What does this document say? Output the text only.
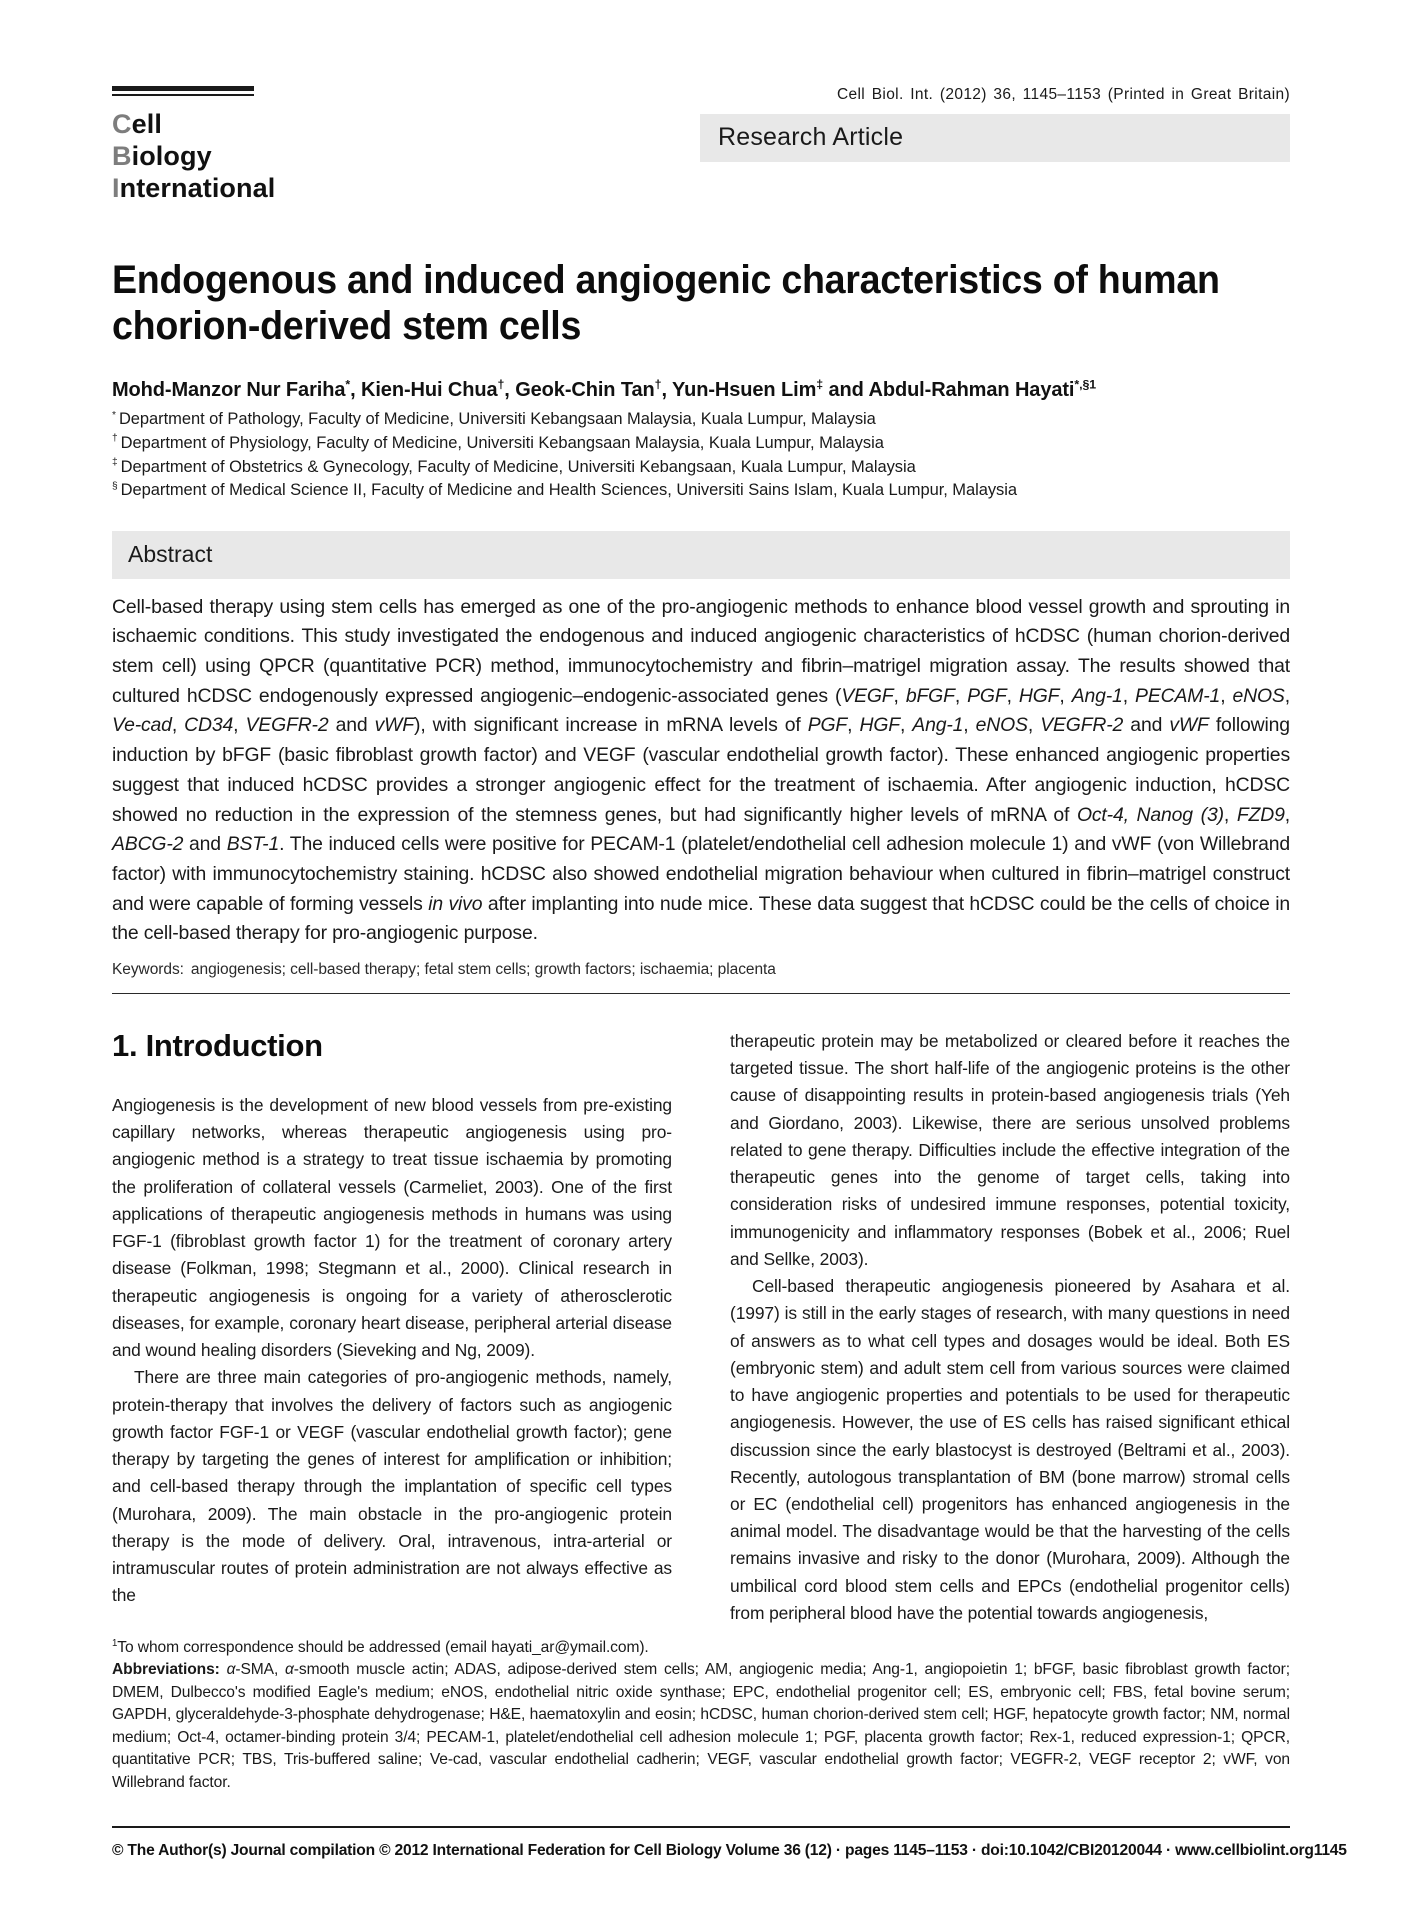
Cell
Biology
International
Cell Biol. Int. (2012) 36, 1145–1153 (Printed in Great Britain)
Research Article
Endogenous and induced angiogenic characteristics of human chorion-derived stem cells
Mohd-Manzor Nur Fariha*, Kien-Hui Chua†, Geok-Chin Tan†, Yun-Hsuen Lim‡ and Abdul-Rahman Hayati$^{*,\S 1}$
* Department of Pathology, Faculty of Medicine, Universiti Kebangsaan Malaysia, Kuala Lumpur, Malaysia
† Department of Physiology, Faculty of Medicine, Universiti Kebangsaan Malaysia, Kuala Lumpur, Malaysia
‡ Department of Obstetrics & Gynecology, Faculty of Medicine, Universiti Kebangsaan, Kuala Lumpur, Malaysia
§ Department of Medical Science II, Faculty of Medicine and Health Sciences, Universiti Sains Islam, Kuala Lumpur, Malaysia
Abstract
Cell-based therapy using stem cells has emerged as one of the pro-angiogenic methods to enhance blood vessel growth and sprouting in ischaemic conditions. This study investigated the endogenous and induced angiogenic characteristics of hCDSC (human chorion-derived stem cell) using QPCR (quantitative PCR) method, immunocytochemistry and fibrin–matrigel migration assay. The results showed that cultured hCDSC endogenously expressed angiogenic–endogenic-associated genes (VEGF, bFGF, PGF, HGF, Ang-1, PECAM-1, eNOS, Ve-cad, CD34, VEGFR-2 and vWF), with significant increase in mRNA levels of PGF, HGF, Ang-1, eNOS, VEGFR-2 and vWF following induction by bFGF (basic fibroblast growth factor) and VEGF (vascular endothelial growth factor). These enhanced angiogenic properties suggest that induced hCDSC provides a stronger angiogenic effect for the treatment of ischaemia. After angiogenic induction, hCDSC showed no reduction in the expression of the stemness genes, but had significantly higher levels of mRNA of Oct-4, Nanog (3), FZD9, ABCG-2 and BST-1. The induced cells were positive for PECAM-1 (platelet/endothelial cell adhesion molecule 1) and vWF (von Willebrand factor) with immunocytochemistry staining. hCDSC also showed endothelial migration behaviour when cultured in fibrin–matrigel construct and were capable of forming vessels in vivo after implanting into nude mice. These data suggest that hCDSC could be the cells of choice in the cell-based therapy for pro-angiogenic purpose.
Keywords: angiogenesis; cell-based therapy; fetal stem cells; growth factors; ischaemia; placenta
1. Introduction

Angiogenesis is the development of new blood vessels from pre-existing capillary networks, whereas therapeutic angiogenesis using pro-angiogenic method is a strategy to treat tissue ischaemia by promoting the proliferation of collateral vessels (Carmeliet, 2003). One of the first applications of therapeutic angiogenesis methods in humans was using FGF-1 (fibroblast growth factor 1) for the treatment of coronary artery disease (Folkman, 1998; Stegmann et al., 2000). Clinical research in therapeutic angiogenesis is ongoing for a variety of atherosclerotic diseases, for example, coronary heart disease, peripheral arterial disease and wound healing disorders (Sieveking and Ng, 2009).

There are three main categories of pro-angiogenic methods, namely, protein-therapy that involves the delivery of factors such as angiogenic growth factor FGF-1 or VEGF (vascular endothelial growth factor); gene therapy by targeting the genes of interest for amplification or inhibition; and cell-based therapy through the implantation of specific cell types (Murohara, 2009). The main obstacle in the pro-angiogenic protein therapy is the mode of delivery. Oral, intravenous, intra-arterial or intramuscular routes of protein administration are not always effective as the

therapeutic protein may be metabolized or cleared before it reaches the targeted tissue. The short half-life of the angiogenic proteins is the other cause of disappointing results in protein-based angiogenesis trials (Yeh and Giordano, 2003). Likewise, there are serious unsolved problems related to gene therapy. Difficulties include the effective integration of the therapeutic genes into the genome of target cells, taking into consideration risks of undesired immune responses, potential toxicity, immunogenicity and inflammatory responses (Bobek et al., 2006; Ruel and Sellke, 2003).

Cell-based therapeutic angiogenesis pioneered by Asahara et al. (1997) is still in the early stages of research, with many questions in need of answers as to what cell types and dosages would be ideal. Both ES (embryonic stem) and adult stem cell from various sources were claimed to have angiogenic properties and potentials to be used for therapeutic angiogenesis. However, the use of ES cells has raised significant ethical discussion since the early blastocyst is destroyed (Beltrami et al., 2003). Recently, autologous transplantation of BM (bone marrow) stromal cells or EC (endothelial cell) progenitors has enhanced angiogenesis in the animal model. The disadvantage would be that the harvesting of the cells remains invasive and risky to the donor (Murohara, 2009). Although the umbilical cord blood stem cells and EPCs (endothelial progenitor cells) from peripheral blood have the potential towards angiogenesis,

$^1$To whom correspondence should be addressed (email hayati_ar@ymail.com).
Abbreviations: α-SMA, α-smooth muscle actin; ADAS, adipose-derived stem cells; AM, angiogenic media; Ang-1, angiopoietin 1; bFGF, basic fibroblast growth factor; DMEM, Dulbecco's modified Eagle's medium; eNOS, endothelial nitric oxide synthase; EPC, endothelial progenitor cell; ES, embryonic cell; FBS, fetal bovine serum; GAPDH, glyceraldehyde-3-phosphate dehydrogenase; H&E, haematoxylin and eosin; hCDSC, human chorion-derived stem cell; HGF, hepatocyte growth factor; NM, normal medium; Oct-4, octamer-binding protein 3/4; PECAM-1, platelet/endothelial cell adhesion molecule 1; PGF, placenta growth factor; Rex-1, reduced expression-1; QPCR, quantitative PCR; TBS, Tris-buffered saline; Ve-cad, vascular endothelial cadherin; VEGF, vascular endothelial growth factor; VEGFR-2, VEGF receptor 2; vWF, von Willebrand factor.
© The Author(s) Journal compilation © 2012 International Federation for Cell Biology Volume 36 (12) · pages 1145–1153 · doi:10.1042/CBI20120044 · www.cellbiolint.org 1145
